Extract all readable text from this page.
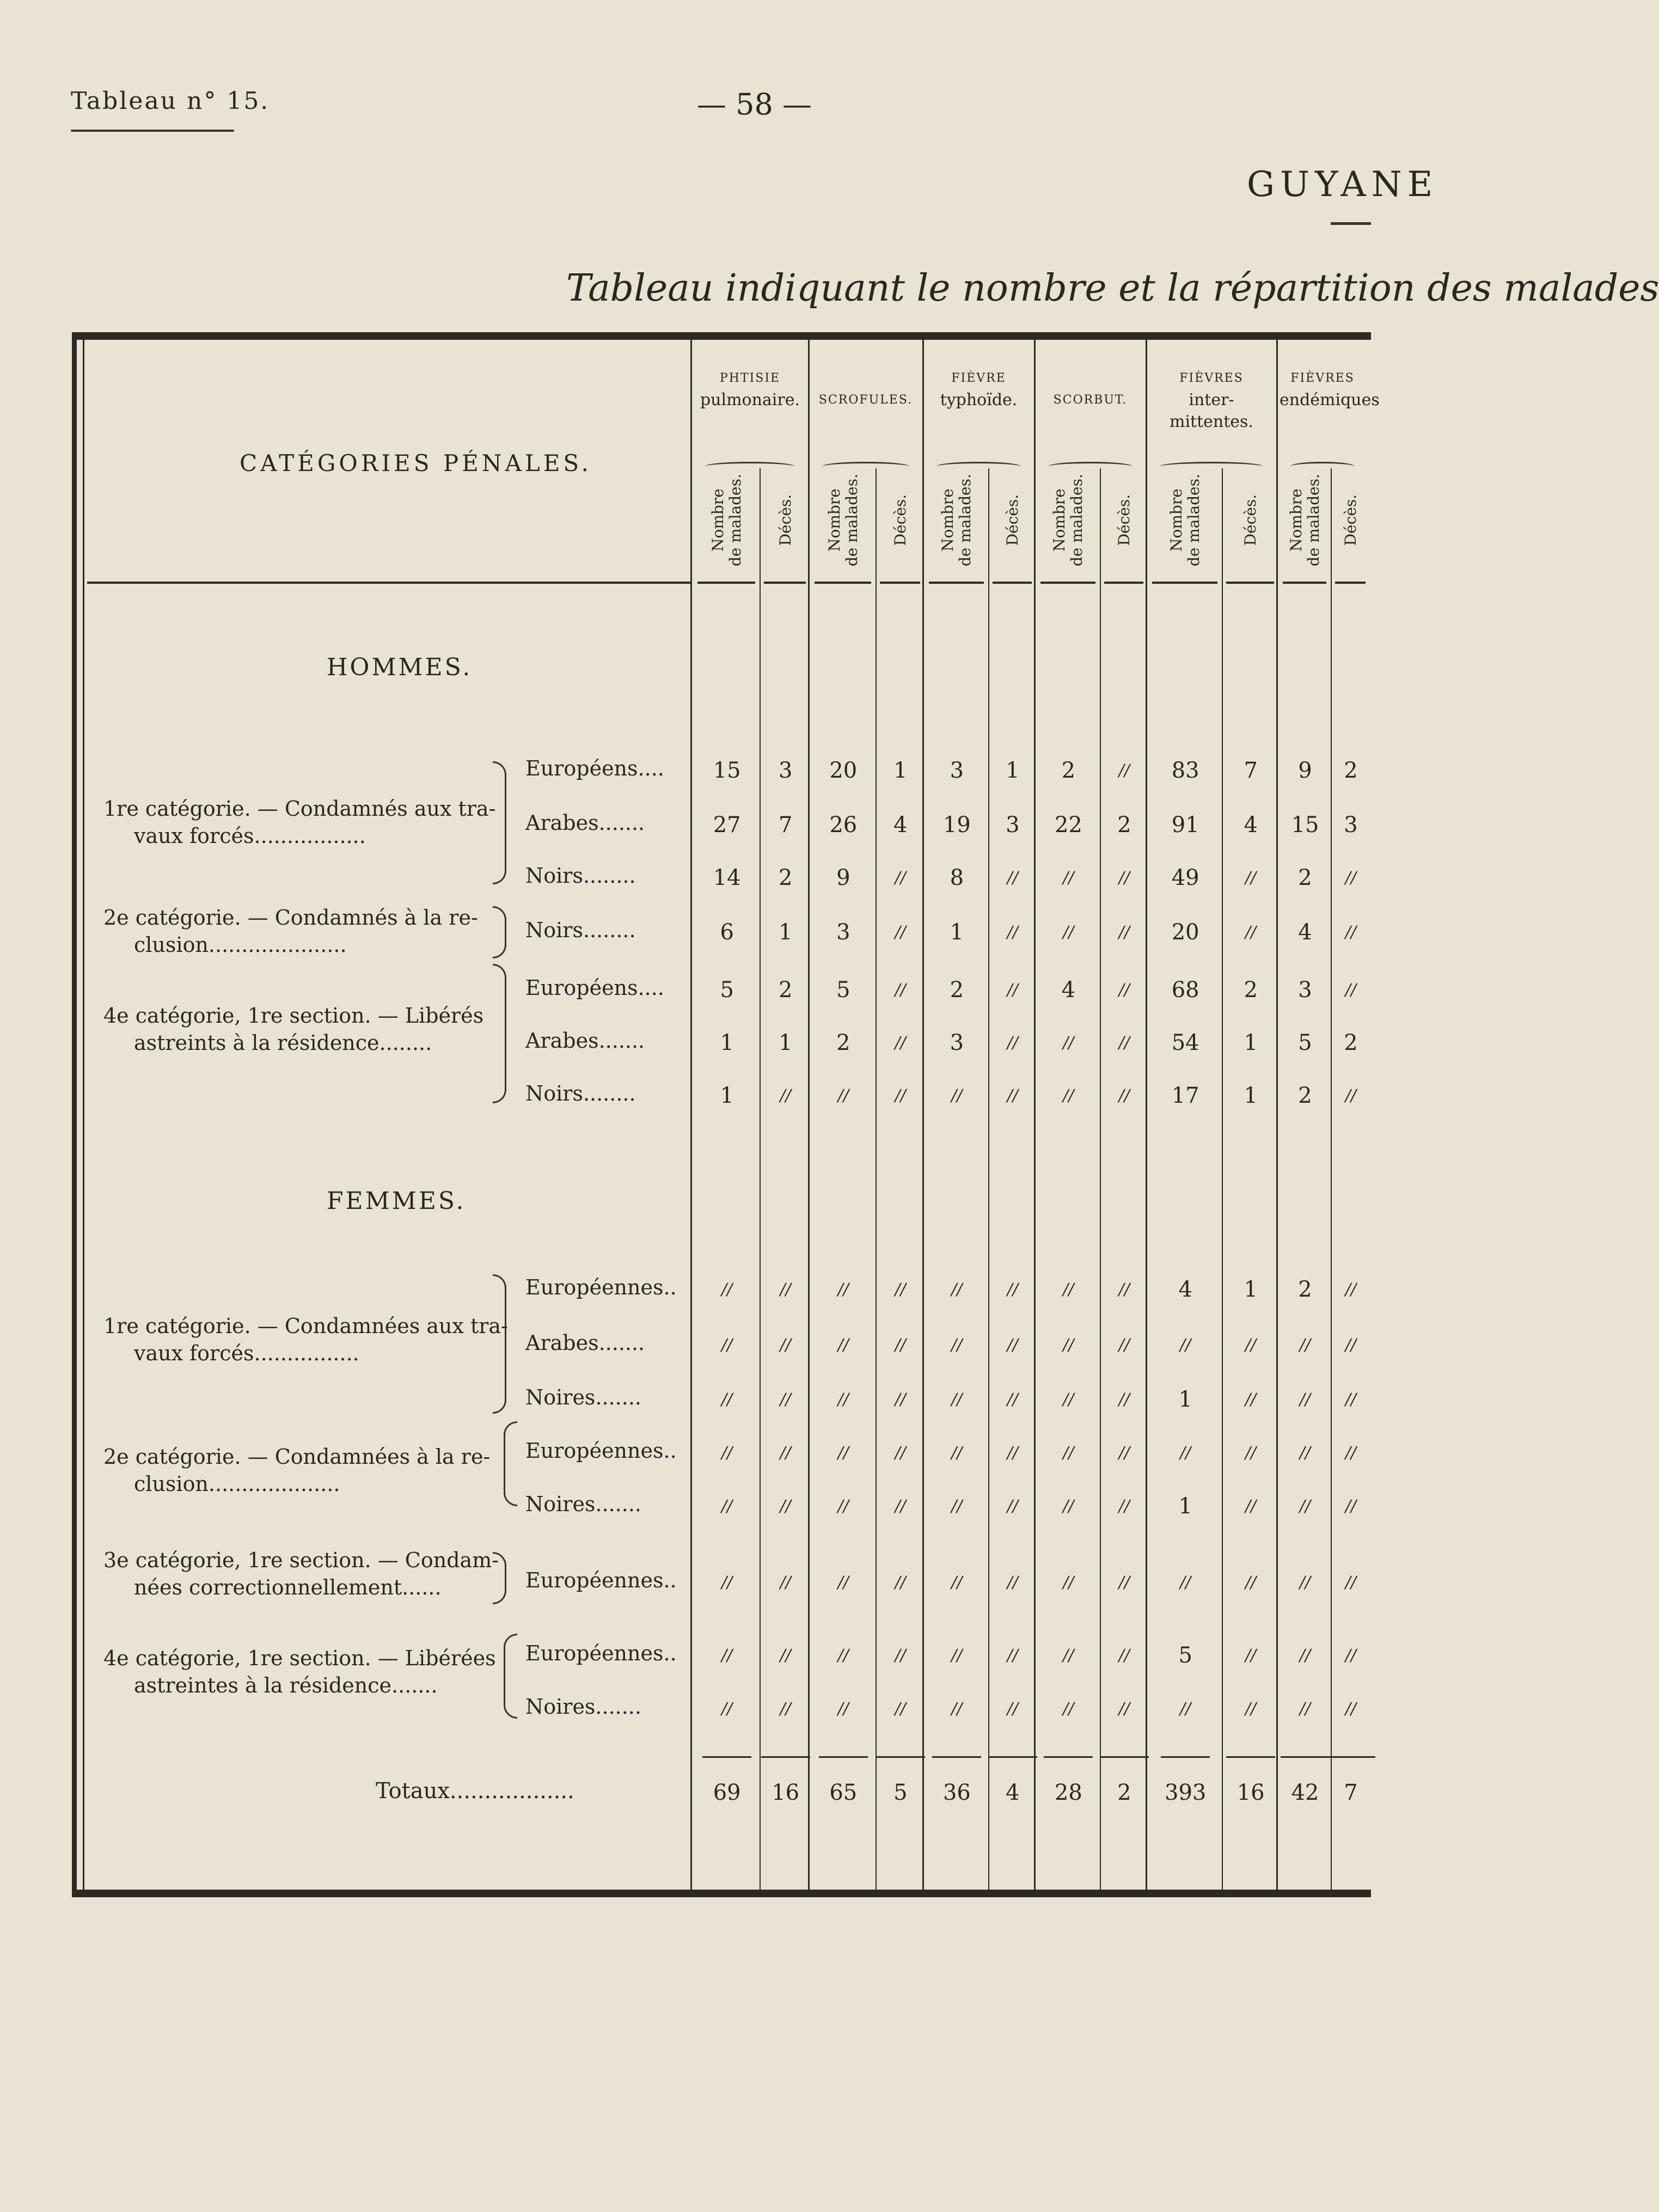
Tableau n° 15.	— 58 —
GUYANE
Tableau indiquant le nombre et la répartition des malades
CATÉGORIES PÉNALES.
PHTISIE
pulmonaire.
Nombre de malades. Décès.
SCROFULES.
Nombre de malades. Décès.
FIÈVRE
typhoïde.
Nombre de malades. Décès.
SCORBUT.
Nombre de malades. Décès.
FIÈVRES
inter-mittentes.
Nombre de malades.	Décès.
FIÈVRES
endémiques
Nombre de malades. Décès.
HOMMES.
FEMMES.
1re catégorie. — Condamnés aux tra-
vaux forcés.................
2e catégorie. — Condamnés à la re-
clusion.....................
4e catégorie, 1re section. — Libérés
astreints à la résidence........
1re catégorie. — Condamnées aux tra-
vaux forcés................
2e catégorie. — Condamnées à la re-
clusion....................
3e catégorie, 1re section. — Condam-
nées correctionnellement......
4e catégorie, 1re section. — Libérées
astreintes à la résidence.......
Européens.... 15 3 20 1 3 1 2	// 83 7 9 2
Arabes.......	27 7 26 4 19 3 22 2 91 4 15 3
Noirs........	14 2 9	// 8	//	//	// 49	// 2 //
Noirs........	6 1 3	// 1	//	//	// 20	// 4 //
Européens....	5 2 5	// 2	// 4	// 68 2 3 //
Arabes.......	1 1 2	// 3	//	//	// 54 1 5 2
Noirs........	1	//	//	//	//	//	//	// 17 1 2 //
Européennes..	//	//	//	//	//	//	//	// 4 1 2 //
Arabes.......	//	//	//	//	//	//	//	//	//	//	// //
Noires.......	//	//	//	//	//	//	//	// 1	//	// //
Européennes..	//	//	//	//	//	//	//	//	//	//	// //
Noires.......	//	//	//	//	//	//	//	// 1	//	// //
Européennes..	//	//	//	//	//	//	//	//	//	//	// //
Européennes..	//	//	//	//	//	//	//	// 5	//	// //
Noires.......	//	//	//	//	//	//	//	//	//	//	// //
Totaux..................	69 16 65 5 36 4 28 2 393 16 42 7
